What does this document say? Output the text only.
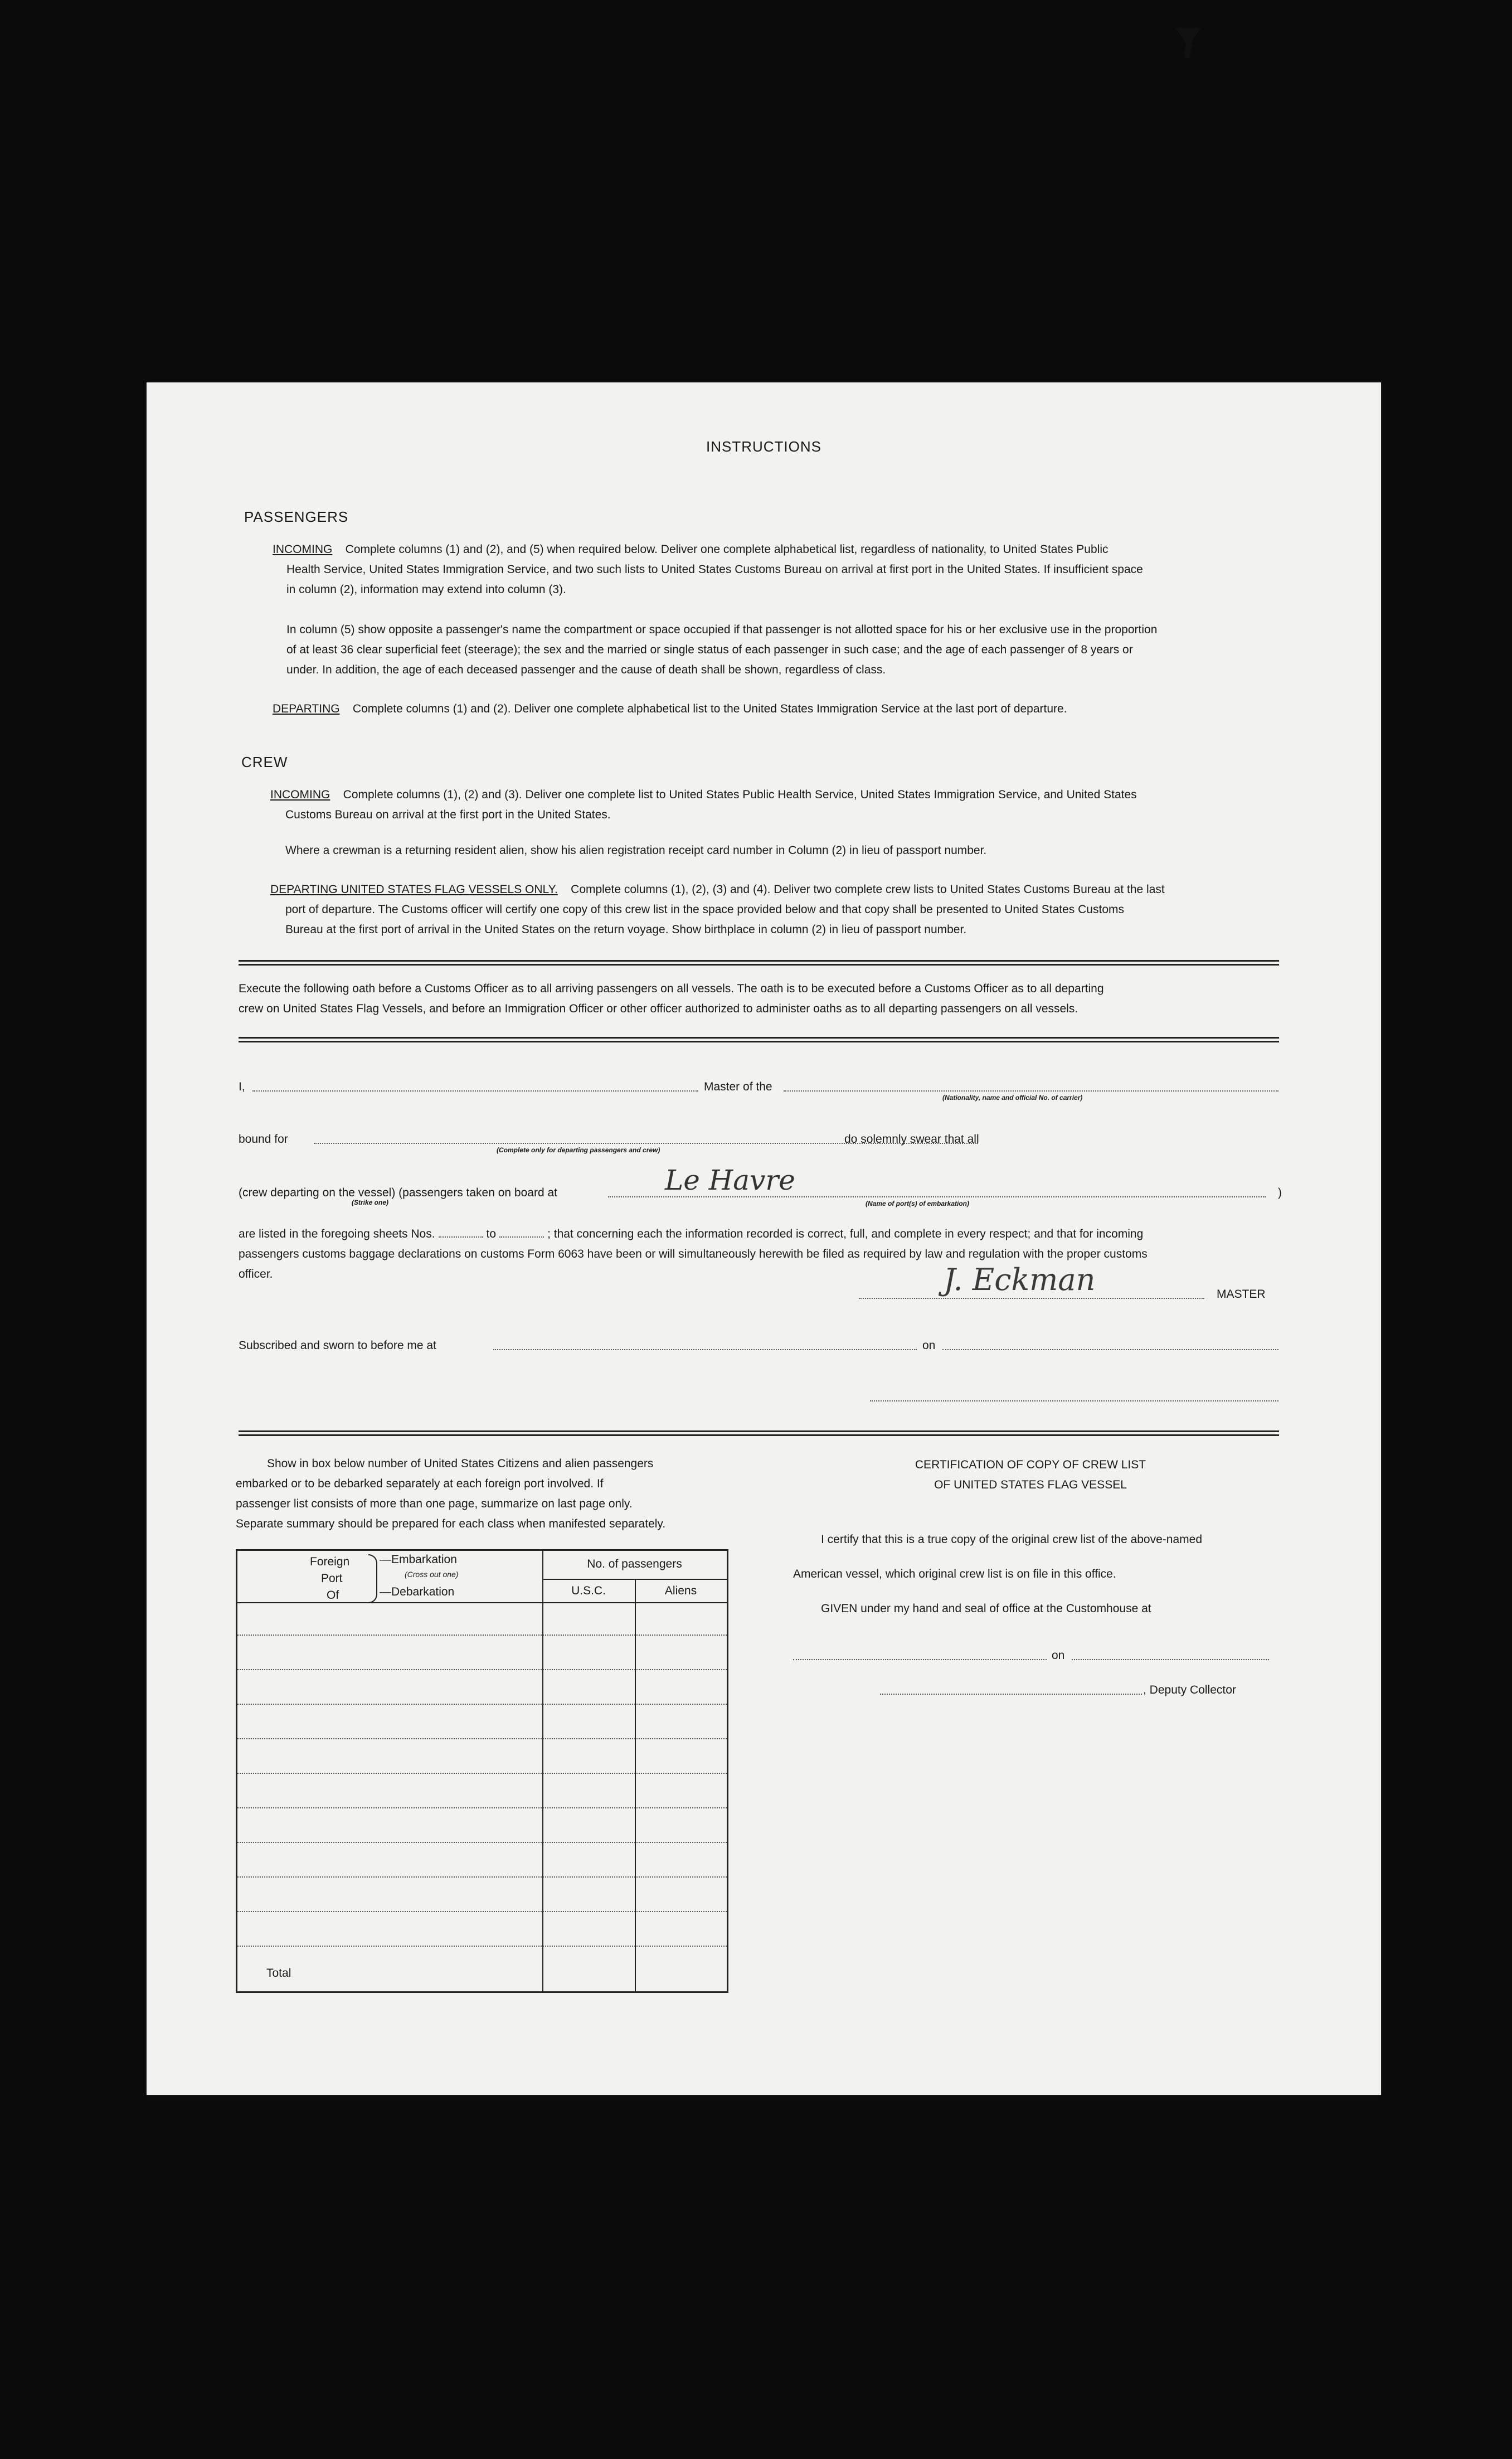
INSTRUCTIONS
PASSENGERS
INCOMING Complete columns (1) and (2), and (5) when required below. Deliver one complete alphabetical list, regardless of nationality, to United States Public
Health Service, United States Immigration Service, and two such lists to United States Customs Bureau on arrival at first port in the United States. If insufficient space
in column (2), information may extend into column (3).
In column (5) show opposite a passenger's name the compartment or space occupied if that passenger is not allotted space for his or her exclusive use in the proportion
of at least 36 clear superficial feet (steerage); the sex and the married or single status of each passenger in such case; and the age of each passenger of 8 years or
under. In addition, the age of each deceased passenger and the cause of death shall be shown, regardless of class.
DEPARTING Complete columns (1) and (2). Deliver one complete alphabetical list to the United States Immigration Service at the last port of departure.
CREW
INCOMING Complete columns (1), (2) and (3). Deliver one complete list to United States Public Health Service, United States Immigration Service, and United States
Customs Bureau on arrival at the first port in the United States.
Where a crewman is a returning resident alien, show his alien registration receipt card number in Column (2) in lieu of passport number.
DEPARTING UNITED STATES FLAG VESSELS ONLY. Complete columns (1), (2), (3) and (4). Deliver two complete crew lists to United States Customs Bureau at the last
port of departure. The Customs officer will certify one copy of this crew list in the space provided below and that copy shall be presented to United States Customs
Bureau at the first port of arrival in the United States on the return voyage. Show birthplace in column (2) in lieu of passport number.
Execute the following oath before a Customs Officer as to all arriving passengers on all vessels. The oath is to be executed before a Customs Officer as to all departing
crew on United States Flag Vessels, and before an Immigration Officer or other officer authorized to administer oaths as to all departing passengers on all vessels.
I,	Master of the
(Nationality, name and official No. of carrier)
bound for
(Complete only for departing passengers and crew)
do solemnly swear that all
(crew departing on the vessel) (passengers taken on board at
(Strike one)
Le Havre
(Name of port(s) of embarkation)
)
are listed in the foregoing sheets Nos.	to	; that concerning each the information recorded is correct, full, and complete in every respect; and that for incoming
passengers customs baggage declarations on customs Form 6063 have been or will simultaneously herewith be filed as required by law and regulation with the proper customs
officer.	J. Eckman	MASTER
Subscribed and sworn to before me at	on
Show in box below number of United States Citizens and alien passengers
embarked or to be debarked separately at each foreign port involved. If
passenger list consists of more than one page, summarize on last page only.
Separate summary should be prepared for each class when manifested separately.
Foreign
Port
Of
—Embarkation
(Cross out one)
—Debarkation
No. of passengers
U.S.C.	Aliens
Total
CERTIFICATION OF COPY OF CREW LIST
OF UNITED STATES FLAG VESSEL
I certify that this is a true copy of the original crew list of the above-named
American vessel, which original crew list is on file in this office.
GIVEN under my hand and seal of office at the Customhouse at
on
, Deputy Collector
